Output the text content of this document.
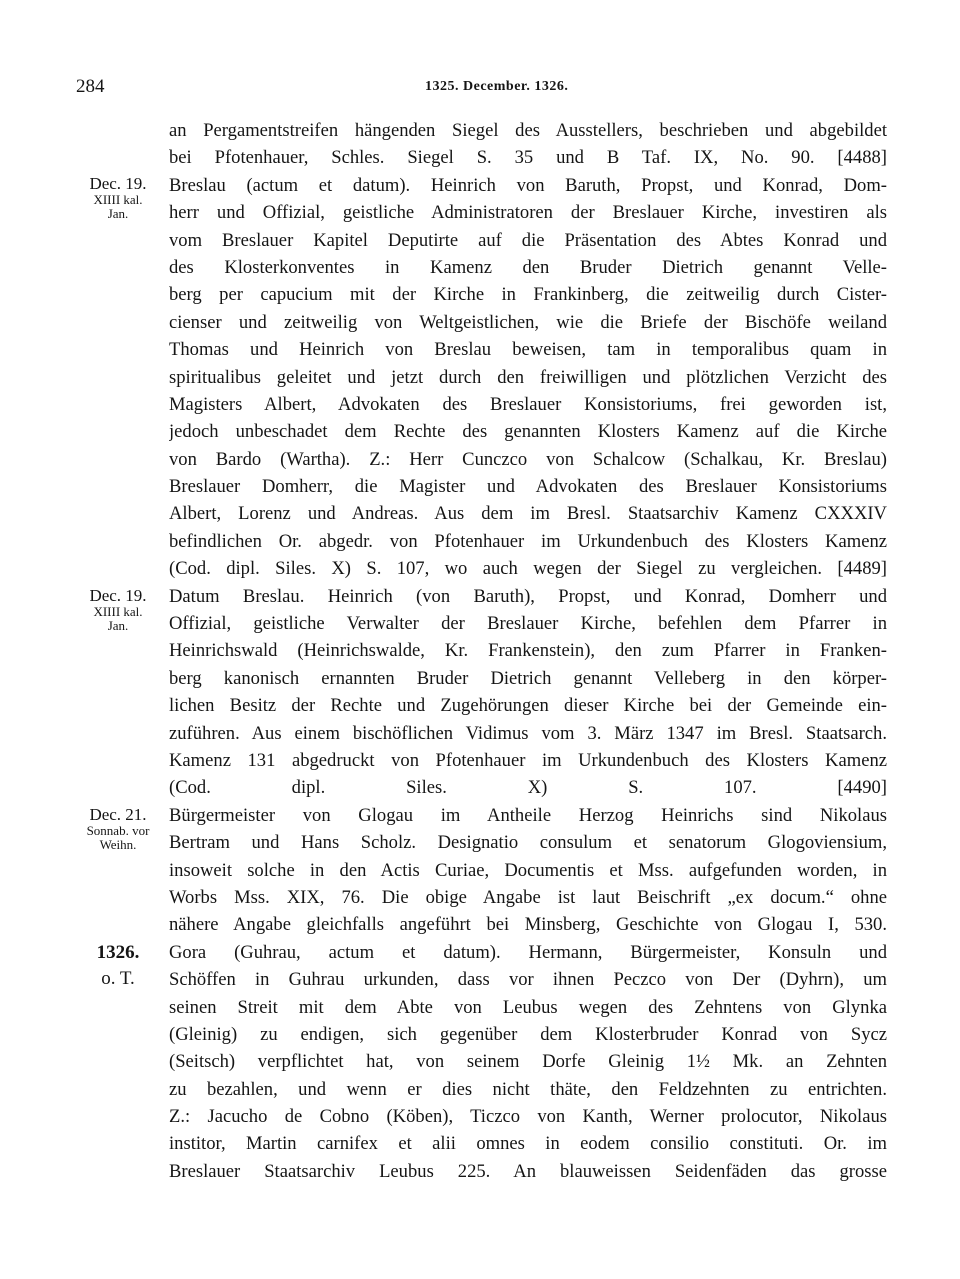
284	1325. December. 1326.
Dec. 19.
XIIII kal.
Jan.
Dec. 19.
XIIII kal.
Jan.
Dec. 21.
Sonnab. vor
Weihn.
1326.
o. T.
an Pergamentstreifen hängenden Siegel des Ausstellers, beschrieben und abgebildet
bei Pfotenhauer, Schles. Siegel S. 35 und B Taf. IX, No. 90. [4488]
Breslau (actum et datum). Heinrich von Baruth, Propst, und Konrad, Dom-
herr und Offizial, geistliche Administratoren der Breslauer Kirche, investiren als
vom Breslauer Kapitel Deputirte auf die Präsentation des Abtes Konrad und
des Klosterkonventes in Kamenz den Bruder Dietrich genannt Velle-
berg per capucium mit der Kirche in Frankinberg, die zeitweilig durch Cister-
cienser und zeitweilig von Weltgeistlichen, wie die Briefe der Bischöfe weiland
Thomas und Heinrich von Breslau beweisen, tam in temporalibus quam in
spiritualibus geleitet und jetzt durch den freiwilligen und plötzlichen Verzicht des
Magisters Albert, Advokaten des Breslauer Konsistoriums, frei geworden ist,
jedoch unbeschadet dem Rechte des genannten Klosters Kamenz auf die Kirche
von Bardo (Wartha). Z.: Herr Cunczco von Schalcow (Schalkau, Kr. Breslau)
Breslauer Domherr, die Magister und Advokaten des Breslauer Konsistoriums
Albert, Lorenz und Andreas. Aus dem im Bresl. Staatsarchiv Kamenz CXXXIV
befindlichen Or. abgedr. von Pfotenhauer im Urkundenbuch des Klosters Kamenz
(Cod. dipl. Siles. X) S. 107, wo auch wegen der Siegel zu vergleichen. [4489]
Datum Breslau. Heinrich (von Baruth), Propst, und Konrad, Domherr und
Offizial, geistliche Verwalter der Breslauer Kirche, befehlen dem Pfarrer in
Heinrichswald (Heinrichswalde, Kr. Frankenstein), den zum Pfarrer in Franken-
berg kanonisch ernannten Bruder Dietrich genannt Velleberg in den körper-
lichen Besitz der Rechte und Zugehörungen dieser Kirche bei der Gemeinde ein-
zuführen. Aus einem bischöflichen Vidimus vom 3. März 1347 im Bresl. Staatsarch.
Kamenz 131 abgedruckt von Pfotenhauer im Urkundenbuch des Klosters Kamenz
(Cod. dipl. Siles. X) S. 107. [4490]
Bürgermeister von Glogau im Antheile Herzog Heinrichs sind Nikolaus
Bertram und Hans Scholz. Designatio consulum et senatorum Glogoviensium,
insoweit solche in den Actis Curiae, Documentis et Mss. aufgefunden worden, in
Worbs Mss. XIX, 76. Die obige Angabe ist laut Beischrift „ex docum.“ ohne
nähere Angabe gleichfalls angeführt bei Minsberg, Geschichte von Glogau I, 530.
Gora (Guhrau, actum et datum). Hermann, Bürgermeister, Konsuln und
Schöffen in Guhrau urkunden, dass vor ihnen Peczco von Der (Dyhrn), um
seinen Streit mit dem Abte von Leubus wegen des Zehntens von Glynka
(Gleinig) zu endigen, sich gegenüber dem Klosterbruder Konrad von Sycz
(Seitsch) verpflichtet hat, von seinem Dorfe Gleinig 1½ Mk. an Zehnten
zu bezahlen, und wenn er dies nicht thäte, den Feldzehnten zu entrichten.
Z.: Jacucho de Cobno (Köben), Ticzco von Kanth, Werner prolocutor, Nikolaus
institor, Martin carnifex et alii omnes in eodem consilio constituti. Or. im
Breslauer Staatsarchiv Leubus 225. An blauweissen Seidenfäden das grosse
